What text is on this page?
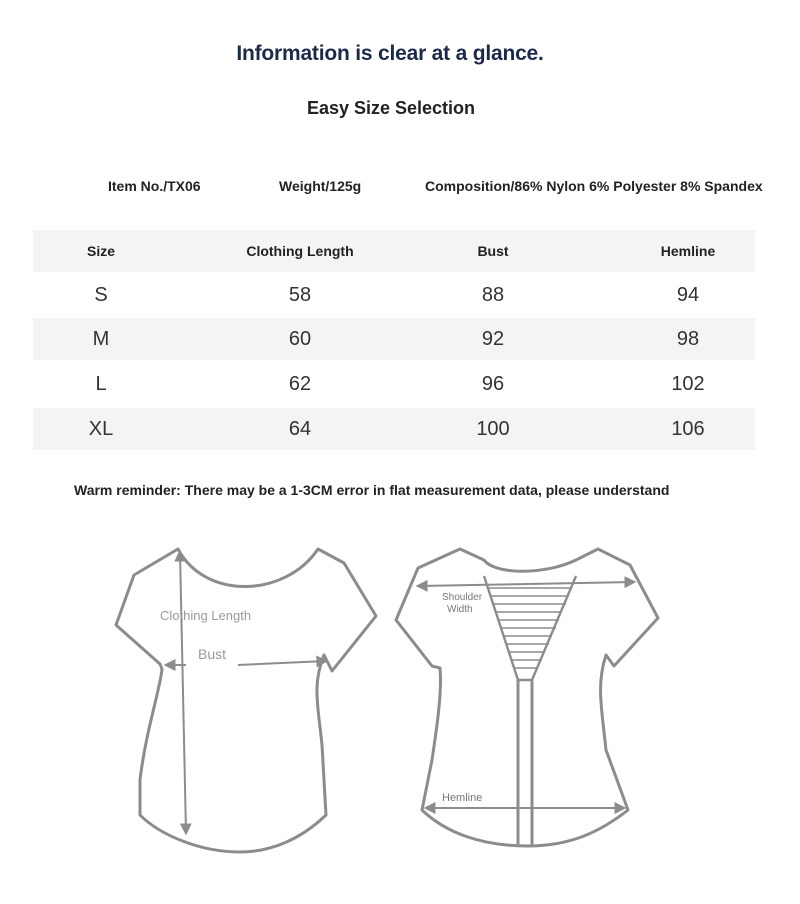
Information is clear at a glance.
Easy Size Selection
Item No./TX06	Weight/125g	Composition/86% Nylon 6% Polyester 8% Spandex
Size	Clothing Length	Bust	Hemline
S	58	88	94
M	60	92	98
L	62	96	102
XL	64	100	106
Warm reminder: There may be a 1-3CM error in flat measurement data, please understand
Clothing Length
Bust
Shoulder
Width
Hemline
